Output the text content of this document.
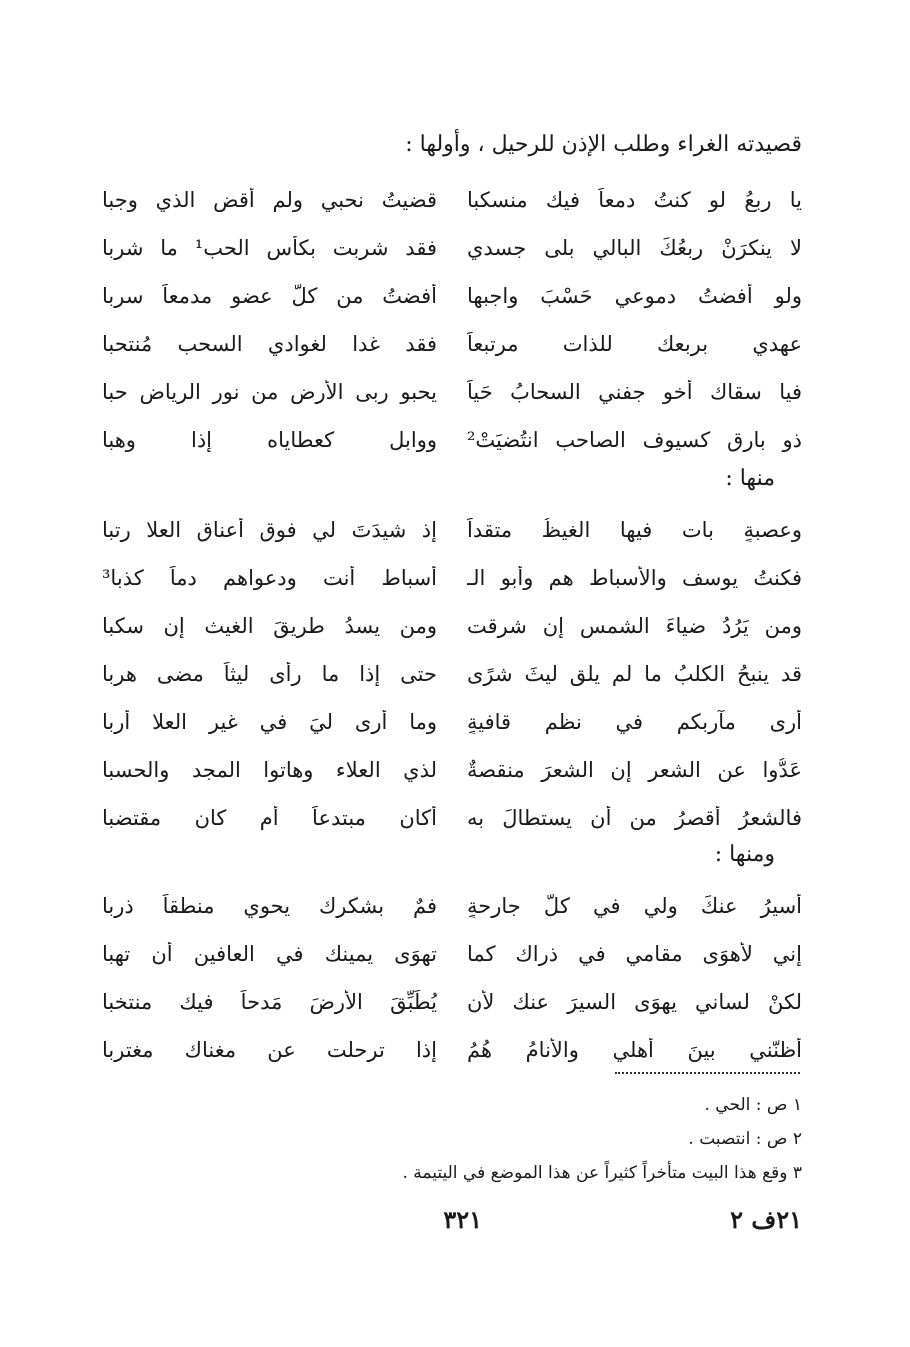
قصيدته الغراء وطلب الإذن للرحيل ، وأولها :
يا ربعُ لو كنتُ دمعاً فيك منسكبا
قضيتُ نحبي ولم أقضِ الذي وجبا
لا ينكرَنْ ربعُكَ البالي بلى جسدي
فقد شربت بكأس الحب¹ ما شربا
ولو أفضتُ دموعي حَسْبَ واجبها
أفضتُ من كلّ عضو مدمعاً سربا
عهدي بربعك للذات مرتبعاً
فقد غدا لغوادي السحب مُنتحبا
فيا سقاك أخو جفني السحابُ حَياً
يحبو ربى الأرض من نور الرياض حبا
ذو بارق كسيوف الصاحب انتُضيَتْ²
ووابلٍ كعطاياه إذا وهبا
منها :
وعصبةٍ بات فيها الغيظُ متقداً
إذ شيدَتَ لي فوق أعناق العلا رتبا
فكنتُ يوسف والأسباط هم وأبو الـ
أسباط أنت ودعواهم دماً كذبا³
ومن يَرُدُ ضياءَ الشمس إن شرقت
ومن يسدُ طريقَ الغيث إن سكبا
قد ينبحُ الكلبُ ما لم يلق ليثَ شرًى
حتى إذا ما رأى ليثاً مضى هربا
أرى مآربكم في نظم قافيةٍ
وما أرى ليَ في غير العلا أربا
عَدُّوا عن الشعر إن الشعرَ منقصةٌ
لذي العلاء وهاتوا المجد والحسبا
فالشعرُ أقصرُ من أن يستطالَ به
أكان مبتدعاً أم كان مقتضبا
ومنها :
أسيرُ عنكَ ولي في كلّ جارحةٍ
فمٌ بشكرك يحوي منطقاً ذربا
إني لأهوَى مقامي في ذراك كما
تهوَى يمينك في العافين أن تهبا
لكنْ لساني يهوَى السيرَ عنك لأن
يُطَبِّقَ الأرضَ مَدحاً فيك منتخبا
أظنّني بينَ أهلي والأنامُ هُمُ
إذا ترحلت عن مغناك مغتربا
١ ص : الحي .
٢ ص : انتصبت .
٣ وقع هذا البيت متأخراً كثيراً عن هذا الموضع في اليتيمة .
٢١ف ٢
٣٢١
